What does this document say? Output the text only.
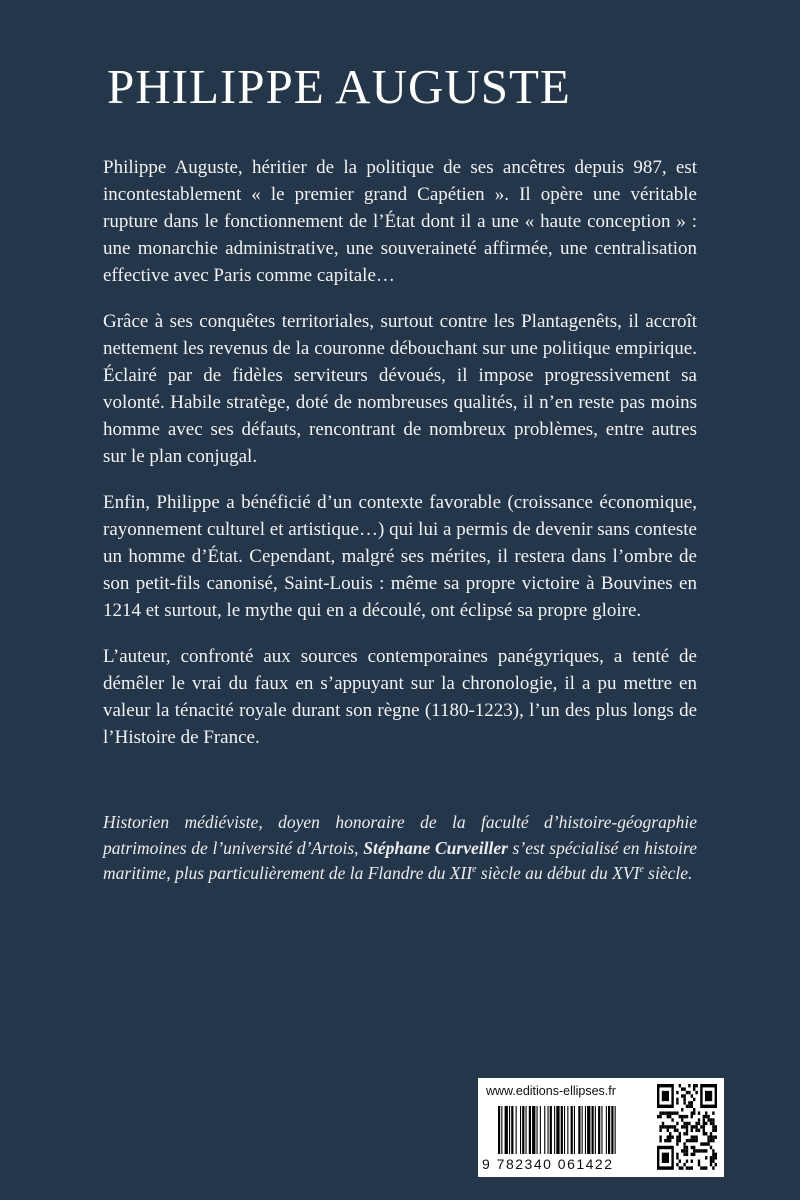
PHILIPPE AUGUSTE

Philippe Auguste, héritier de la politique de ses ancêtres depuis 987, est incontestablement « le premier grand Capétien ». Il opère une véritable rupture dans le fonctionnement de l’État dont il a une « haute conception » : une monarchie administrative, une souveraineté affirmée, une centralisation effective avec Paris comme capitale…

Grâce à ses conquêtes territoriales, surtout contre les Plantagenêts, il accroît nettement les revenus de la couronne débouchant sur une politique empirique. Éclairé par de fidèles serviteurs dévoués, il impose progressivement sa volonté. Habile stratège, doté de nombreuses qualités, il n’en reste pas moins homme avec ses défauts, rencontrant de nombreux problèmes, entre autres sur le plan conjugal.

Enfin, Philippe a bénéficié d’un contexte favorable (croissance économique, rayonnement culturel et artistique…) qui lui a permis de devenir sans conteste un homme d’État. Cependant, malgré ses mérites, il restera dans l’ombre de son petit-fils canonisé, Saint-Louis : même sa propre victoire à Bouvines en 1214 et surtout, le mythe qui en a découlé, ont éclipsé sa propre gloire.

L’auteur, confronté aux sources contemporaines panégyriques, a tenté de démêler le vrai du faux en s’appuyant sur la chronologie, il a pu mettre en valeur la ténacité royale durant son règne (1180-1223), l’un des plus longs de l’Histoire de France.

Historien médiéviste, doyen honoraire de la faculté d’histoire-géographie patrimoines de l’université d’Artois, Stéphane Curveiller s’est spécialisé en histoire maritime, plus particulièrement de la Flandre du XIIe siècle au début du XVIe siècle.

www.editions-ellipses.fr
9 782340 061422
